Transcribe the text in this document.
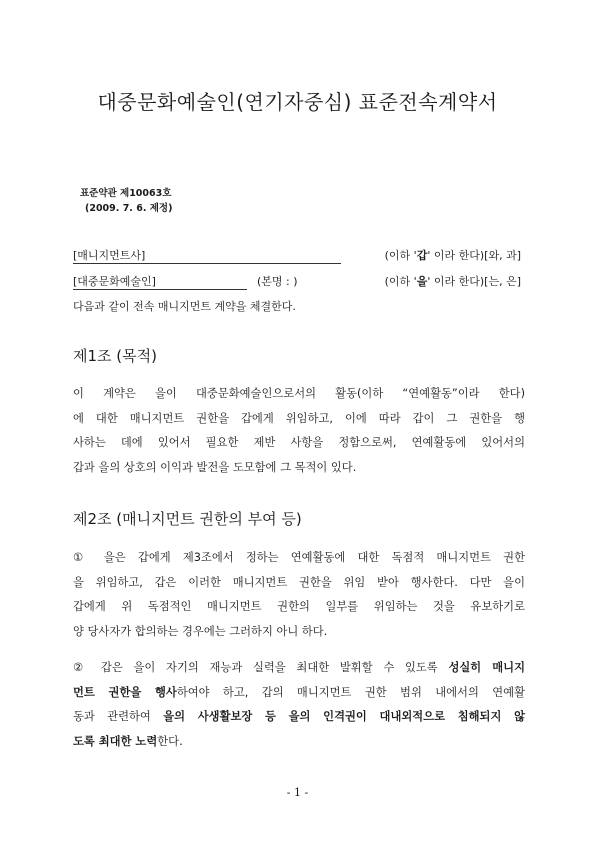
대중문화예술인(연기자중심) 표준전속계약서
표준약관 제10063호
(2009. 7. 6. 제정)
[매니지먼트사]	(이하 '갑' 이라 한다)[와, 과]
[대중문화예술인]	(본명 : )	(이하 '을' 이라 한다)[는, 은]
다음과 같이 전속 매니지먼트 계약을 체결한다.
제1조 (목적)
이 계약은 을이 대중문화예술인으로서의 활동(이하 “연예활동”이라 한다)
에 대한 매니지먼트 권한을 갑에게 위임하고, 이에 따라 갑이 그 권한을 행
사하는 데에 있어서 필요한 제반 사항을 정함으로써, 연예활동에 있어서의
갑과 을의 상호의 이익과 발전을 도모함에 그 목적이 있다.
제2조 (매니지먼트 권한의 부여 등)
① 을은 갑에게 제3조에서 정하는 연예활동에 대한 독점적 매니지먼트 권한
을 위임하고, 갑은 이러한 매니지먼트 권한을 위임 받아 행사한다. 다만 을이
갑에게 위 독점적인 매니지먼트 권한의 일부를 위임하는 것을 유보하기로
양 당사자가 합의하는 경우에는 그러하지 아니 하다.
② 갑은 을이 자기의 재능과 실력을 최대한 발휘할 수 있도록 성실히 매니지
먼트 권한을 행사하여야 하고, 갑의 매니지먼트 권한 범위 내에서의 연예활
동과 관련하여 을의 사생활보장 등 을의 인격권이 대내외적으로 침해되지 않
도록 최대한 노력한다.
- 1 -
